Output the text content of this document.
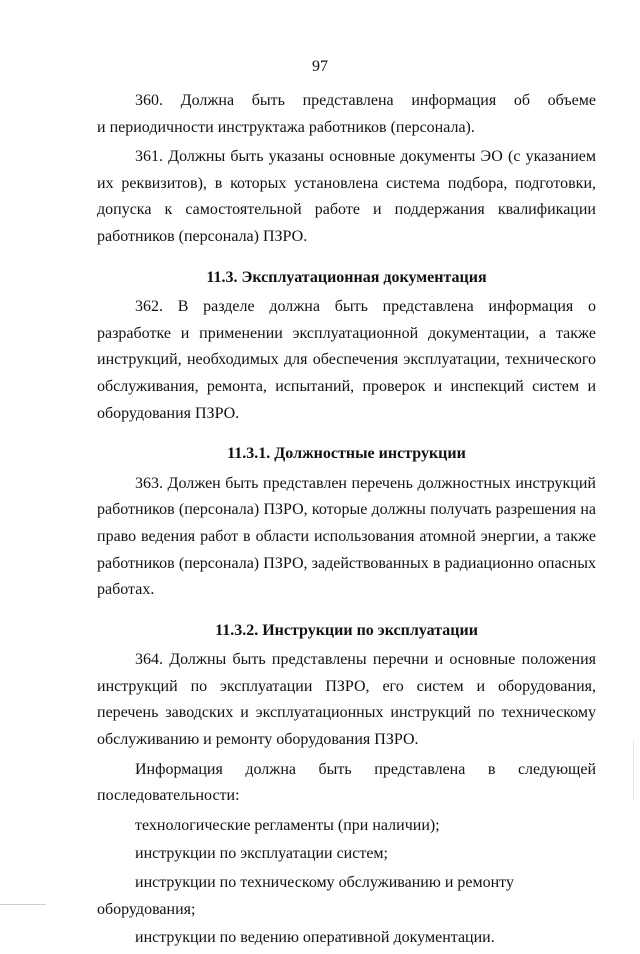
97

360. Должна быть представлена информация об объеме
и периодичности инструктажа работников (персонала).

361. Должны быть указаны основные документы ЭО (с указанием их реквизитов), в которых установлена система подбора, подготовки, допуска к самостоятельной работе и поддержания квалификации работников (персонала) ПЗРО.

11.3. Эксплуатационная документация

362. В разделе должна быть представлена информация о разработке и применении эксплуатационной документации, а также инструкций, необходимых для обеспечения эксплуатации, технического обслуживания, ремонта, испытаний, проверок и инспекций систем и оборудования ПЗРО.

11.3.1. Должностные инструкции

363. Должен быть представлен перечень должностных инструкций работников (персонала) ПЗРО, которые должны получать разрешения на право ведения работ в области использования атомной энергии, а также работников (персонала) ПЗРО, задействованных в радиационно опасных работах.

11.3.2. Инструкции по эксплуатации

364. Должны быть представлены перечни и основные положения инструкций по эксплуатации ПЗРО, его систем и оборудования, перечень заводских и эксплуатационных инструкций по техническому обслуживанию и ремонту оборудования ПЗРО.

Информация должна быть представлена в следующей
последовательности:

технологические регламенты (при наличии);

инструкции по эксплуатации систем;

инструкции по техническому обслуживанию и ремонту оборудования;

инструкции по ведению оперативной документации.
